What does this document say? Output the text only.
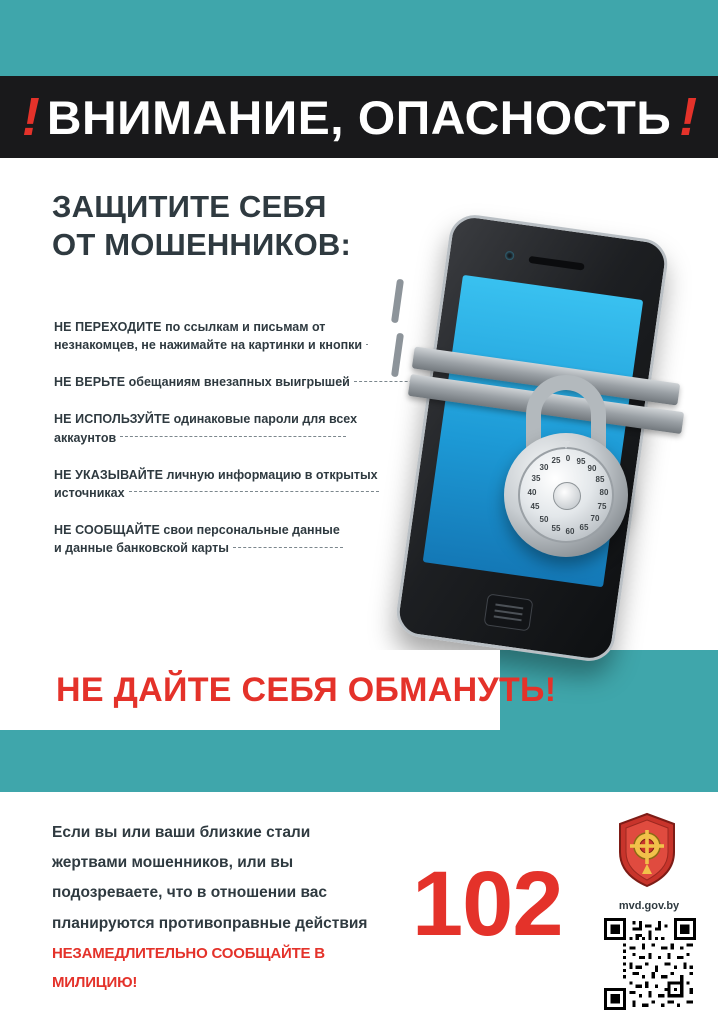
! ВНИМАНИЕ, ОПАСНОСТЬ !
ЗАЩИТИТЕ СЕБЯ
ОТ МОШЕННИКОВ:
НЕ ПЕРЕХОДИТЕ по ссылкам и письмам от
незнакомцев, не нажимайте на картинки и кнопки
НЕ ВЕРЬТЕ обещаниям внезапных выигрышей
НЕ ИСПОЛЬЗУЙТЕ одинаковые пароли для всех
аккаунтов
НЕ УКАЗЫВАЙТЕ личную информацию в открытых
источниках
НЕ СООБЩАЙТЕ свои персональные данные
и данные банковской карты
0 95
90
85
80
75
70
65
60
55
50
45
40
35
30
25
НЕ ДАЙТЕ СЕБЯ ОБМАНУТЬ!
Если вы или ваши близкие стали
жертвами мошенников, или вы
подозреваете, что в отношении вас
планируются противоправные действия
НЕЗАМЕДЛИТЕЛЬНО СООБЩАЙТЕ В МИЛИЦИЮ!
102	mvd.gov.by
